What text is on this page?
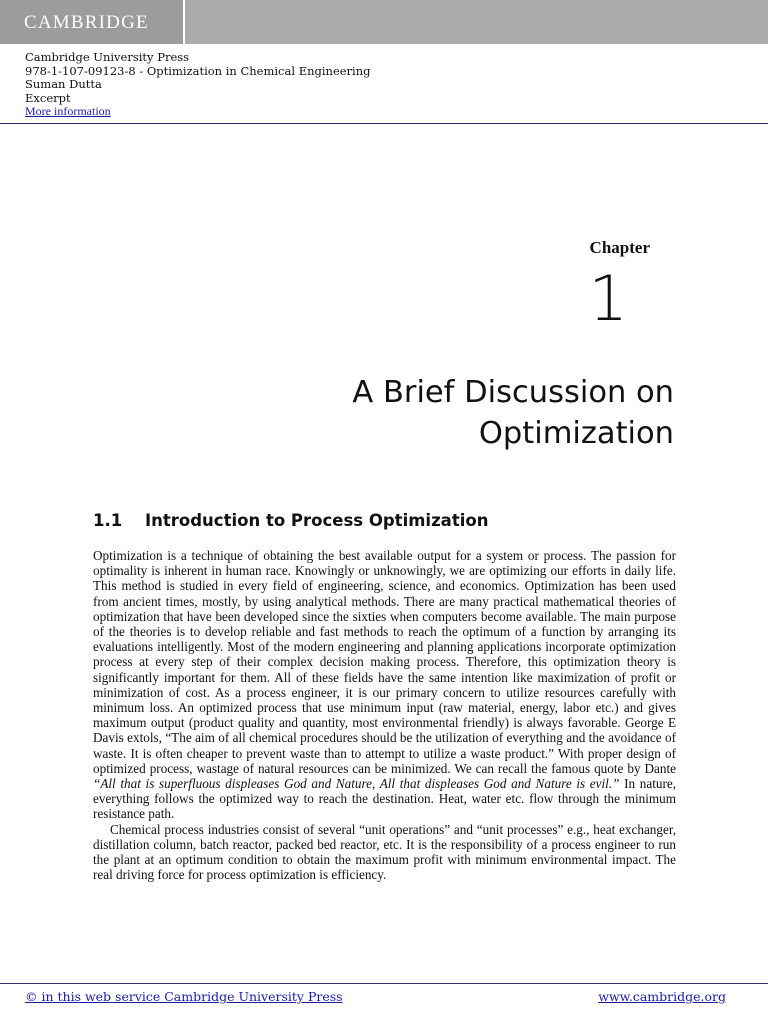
CAMBRIDGE
Cambridge University Press
978-1-107-09123-8 - Optimization in Chemical Engineering
Suman Dutta
Excerpt
More information
Chapter
1
A Brief Discussion on
Optimization
1.1 Introduction to Process Optimization

Optimization is a technique of obtaining the best available output for a system or process. The passion for optimality is inherent in human race. Knowingly or unknowingly, we are optimizing our efforts in daily life. This method is studied in every field of engineering, science, and economics. Optimization has been used from ancient times, mostly, by using analytical methods. There are many practical mathematical theories of optimization that have been developed since the sixties when computers become available. The main purpose of the theories is to develop reliable and fast methods to reach the optimum of a function by arranging its evaluations intelligently. Most of the modern engineering and planning applications incorporate optimization process at every step of their complex decision making process. Therefore, this optimization theory is significantly important for them. All of these fields have the same intention like maximization of profit or minimization of cost. As a process engineer, it is our primary concern to utilize resources carefully with minimum loss. An optimized process that use minimum input (raw material, energy, labor etc.) and gives maximum output (product quality and quantity, most environmental friendly) is always favorable. George E Davis extols, “The aim of all chemical procedures should be the utilization of everything and the avoidance of waste. It is often cheaper to prevent waste than to attempt to utilize a waste product.” With proper design of optimized process, wastage of natural resources can be minimized. We can recall the famous quote by Dante “All that is superfluous displeases God and Nature, All that displeases God and Nature is evil.” In nature, everything follows the optimized way to reach the destination. Heat, water etc. flow through the minimum resistance path.

Chemical process industries consist of several “unit operations” and “unit processes” e.g., heat exchanger, distillation column, batch reactor, packed bed reactor, etc. It is the responsibility of a process engineer to run the plant at an optimum condition to obtain the maximum profit with minimum environmental impact. The real driving force for process optimization is efficiency.

© in this web service Cambridge University Press	www.cambridge.org
